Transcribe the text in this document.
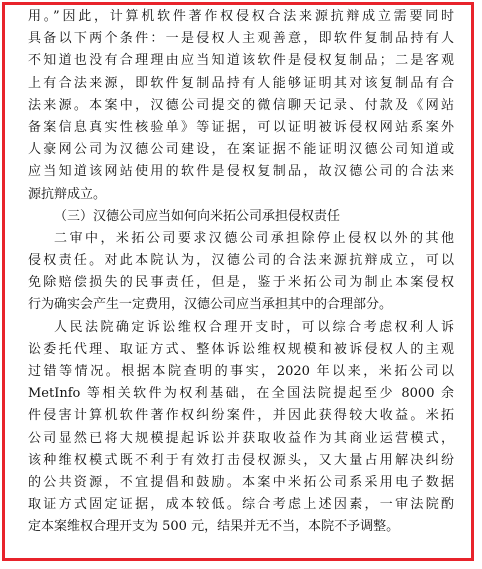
用。”因此，计算机软件著作权侵权合法来源抗辩成立需要同时
具备以下两个条件：一是侵权人主观善意，即软件复制品持有人
不知道也没有合理理由应当知道该软件是侵权复制品；二是客观
上有合法来源，即软件复制品持有人能够证明其对该复制品有合
法来源。本案中，汉德公司提交的微信聊天记录、付款及《网站
备案信息真实性核验单》等证据，可以证明被诉侵权网站系案外
人豪网公司为汉德公司建设，在案证据不能证明汉德公司知道或
应当知道该网站使用的软件是侵权复制品，故汉德公司的合法来
源抗辩成立。
（三）汉德公司应当如何向米拓公司承担侵权责任
二审中，米拓公司要求汉德公司承担除停止侵权以外的其他
侵权责任。对此本院认为，汉德公司的合法来源抗辩成立，可以
免除赔偿损失的民事责任，但是，鉴于米拓公司为制止本案侵权
行为确实会产生一定费用，汉德公司应当承担其中的合理部分。
人民法院确定诉讼维权合理开支时，可以综合考虑权利人诉
讼委托代理、取证方式、整体诉讼维权规模和被诉侵权人的主观
过错等情况。根据本院查明的事实，2020 年以来，米拓公司以
MetInfo 等相关软件为权利基础，在全国法院提起至少 8000 余
件侵害计算机软件著作权纠纷案件，并因此获得较大收益。米拓
公司显然已将大规模提起诉讼并获取收益作为其商业运营模式，
该种维权模式既不利于有效打击侵权源头，又大量占用解决纠纷
的公共资源，不宜提倡和鼓励。本案中米拓公司系采用电子数据
取证方式固定证据，成本较低。综合考虑上述因素，一审法院酌
定本案维权合理开支为 500 元，结果并无不当，本院不予调整。
